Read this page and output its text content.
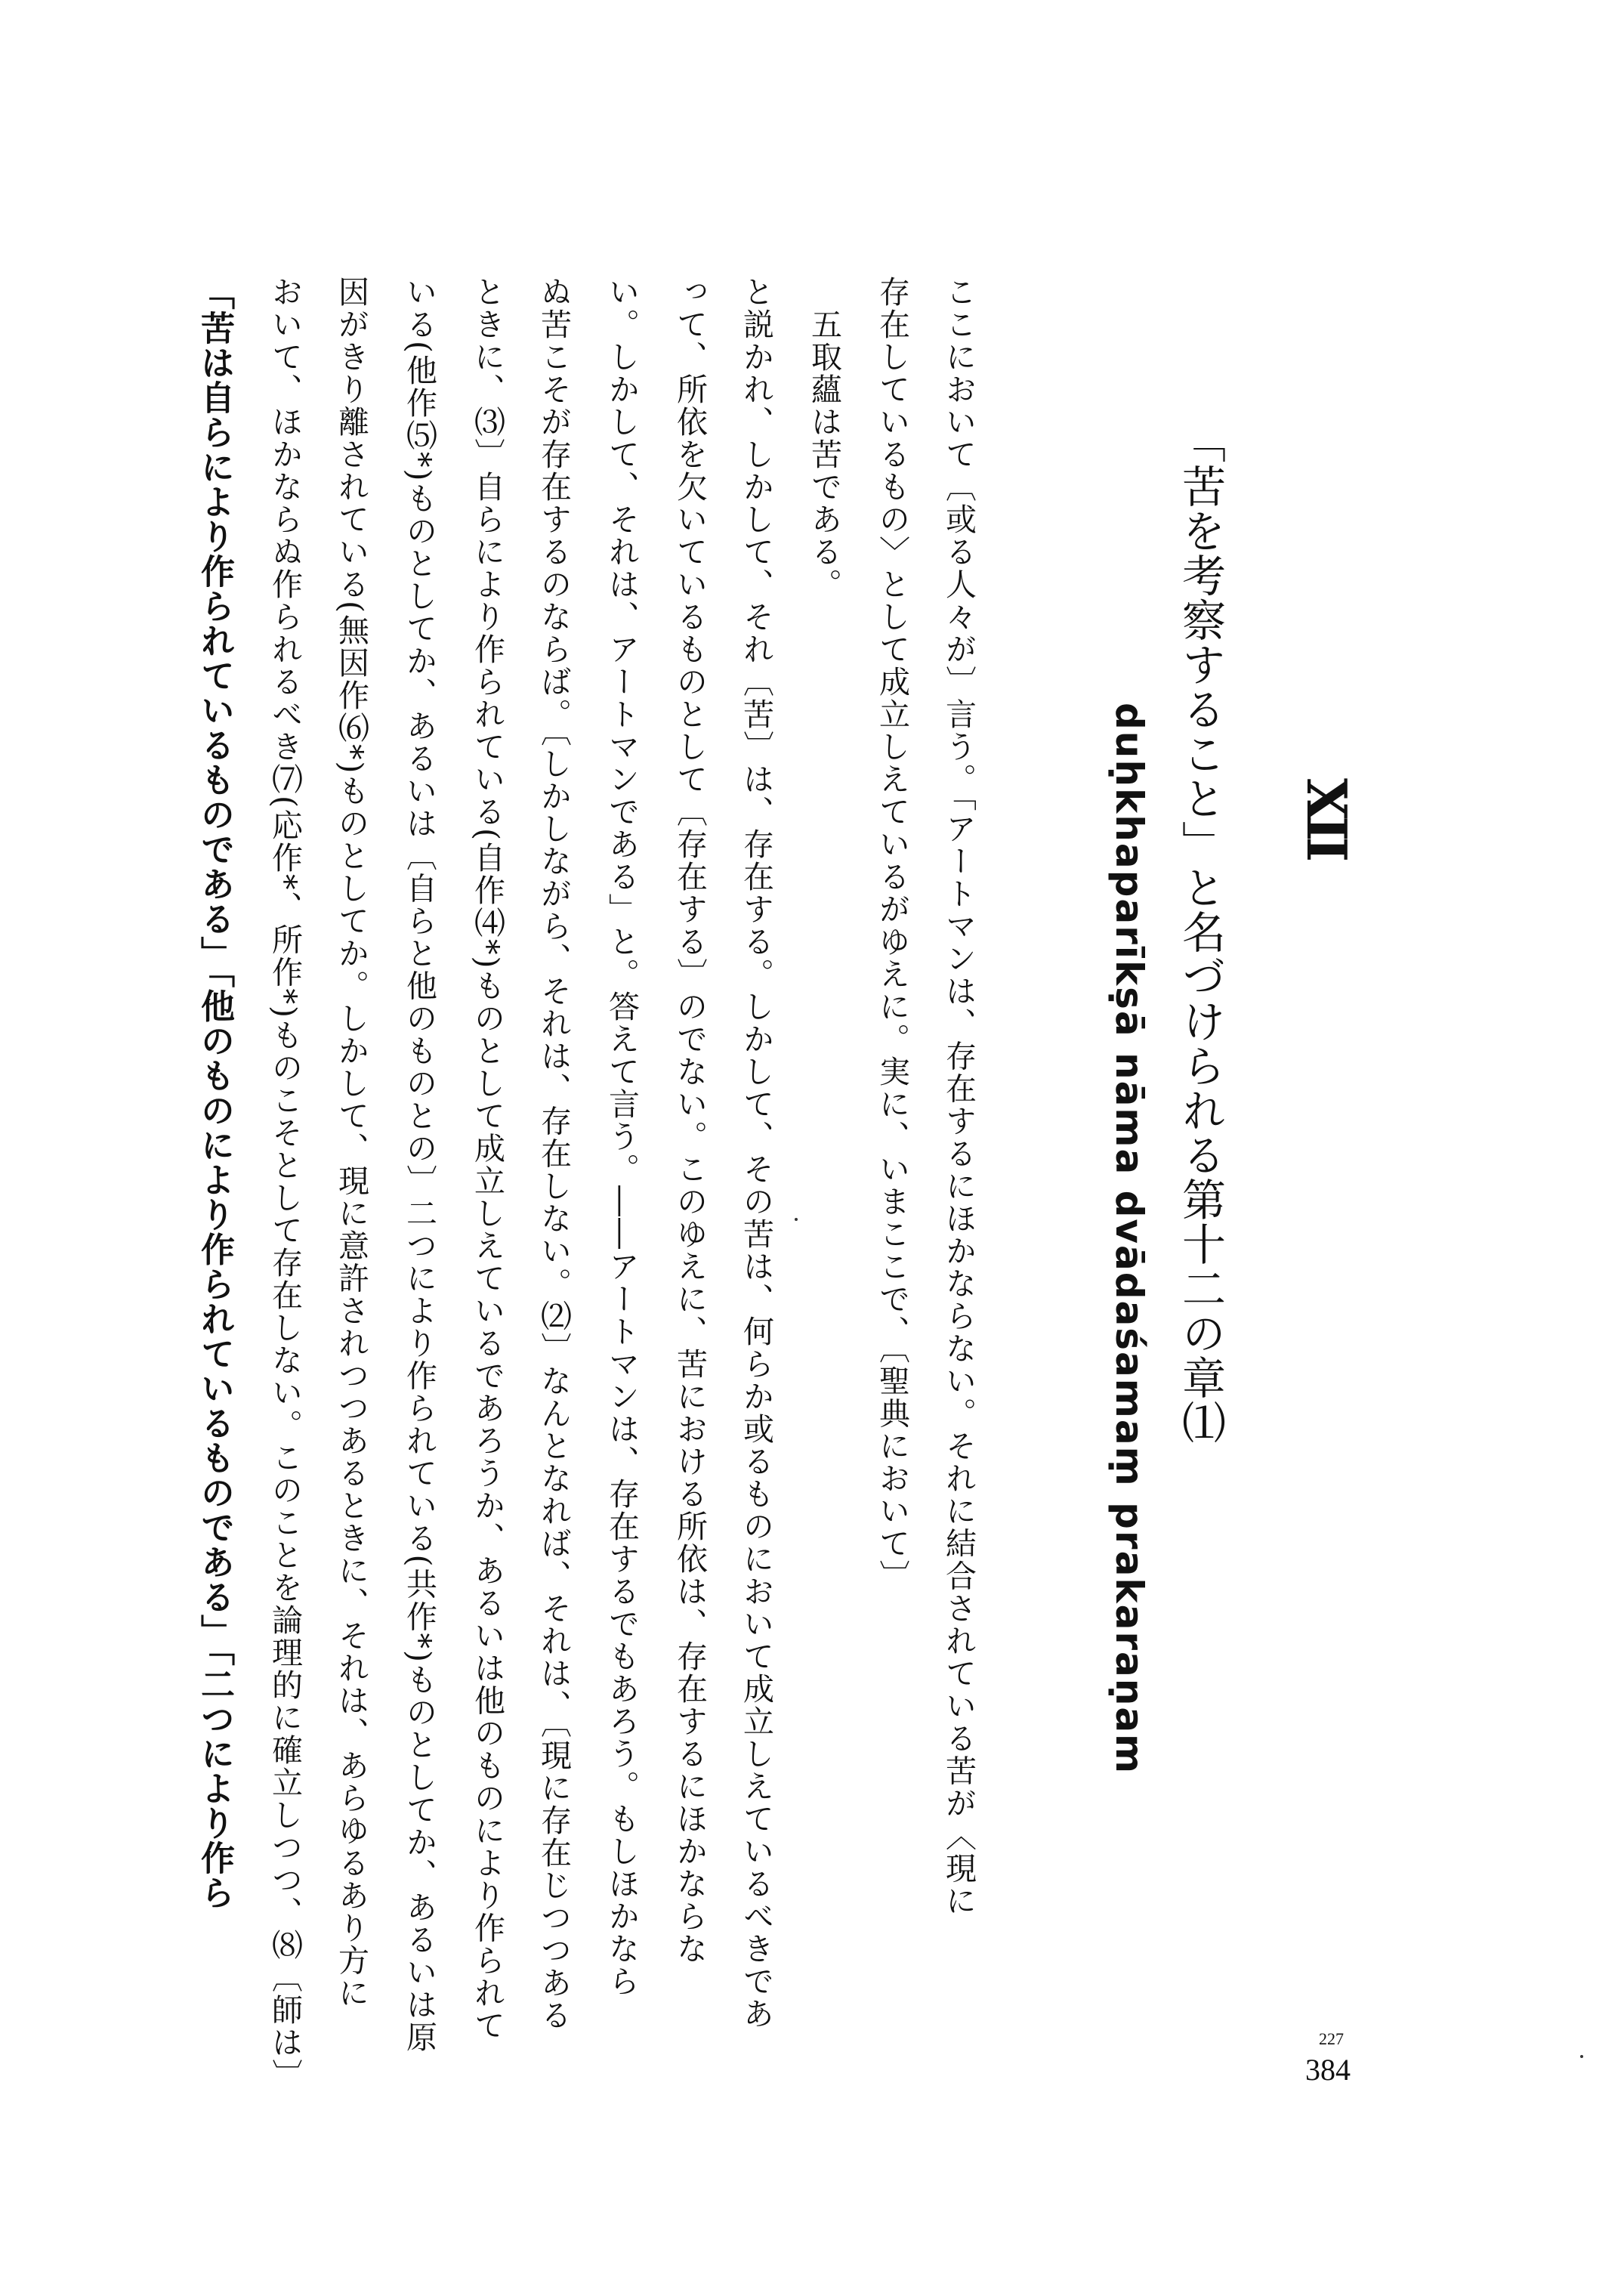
XII
「苦を考察すること」と名づけられる第十二の章⑴
duḥkhaparīkṣā nāma dvādaśamaṃ prakaraṇam
ここにおいて〔或る人々が〕言う。「アートマンは、存在するにほかならない。それに結合されている苦が〈現に
存在しているもの〉として成立しえているがゆえに。実に、いまここで、〔聖典において〕
　五取蘊は苦である。
と説かれ、しかして、それ〔苦〕は、存在する。しかして、その苦は、何らか或るものにおいて成立しえているべきであ
って、所依を欠いているものとして〔存在する〕のでない。このゆえに、苦における所依は、存在するにほかならな
い。しかして、それは、アートマンである」と。答えて言う。――アートマンは、存在するでもあろう。もしほかなら
ぬ苦こそが存在するのならば。〔しかしながら、それは、存在しない。⑵〕なんとなれば、それは、〔現に存在じつつある
ときに、⑶〕自らにより作られている(自作⑷*)ものとして成立しえているであろうか、あるいは他のものにより作られて
いる(他作⑸*)ものとしてか、あるいは〔自らと他のものとの〕二つにより作られている(共作*)ものとしてか、あるいは原
因がきり離されている(無因作⑹*)ものとしてか。しかして、現に意許されつつあるときに、それは、あらゆるあり方に
おいて、ほかならぬ作られるべき⑺(応作*、所作*)ものこそとして存在しない。このことを論理的に確立しつつ、⑻〔師は〕
「苦は自らにより作られているものである」「他のものにより作られているものである」「二つにより作ら
227
384
